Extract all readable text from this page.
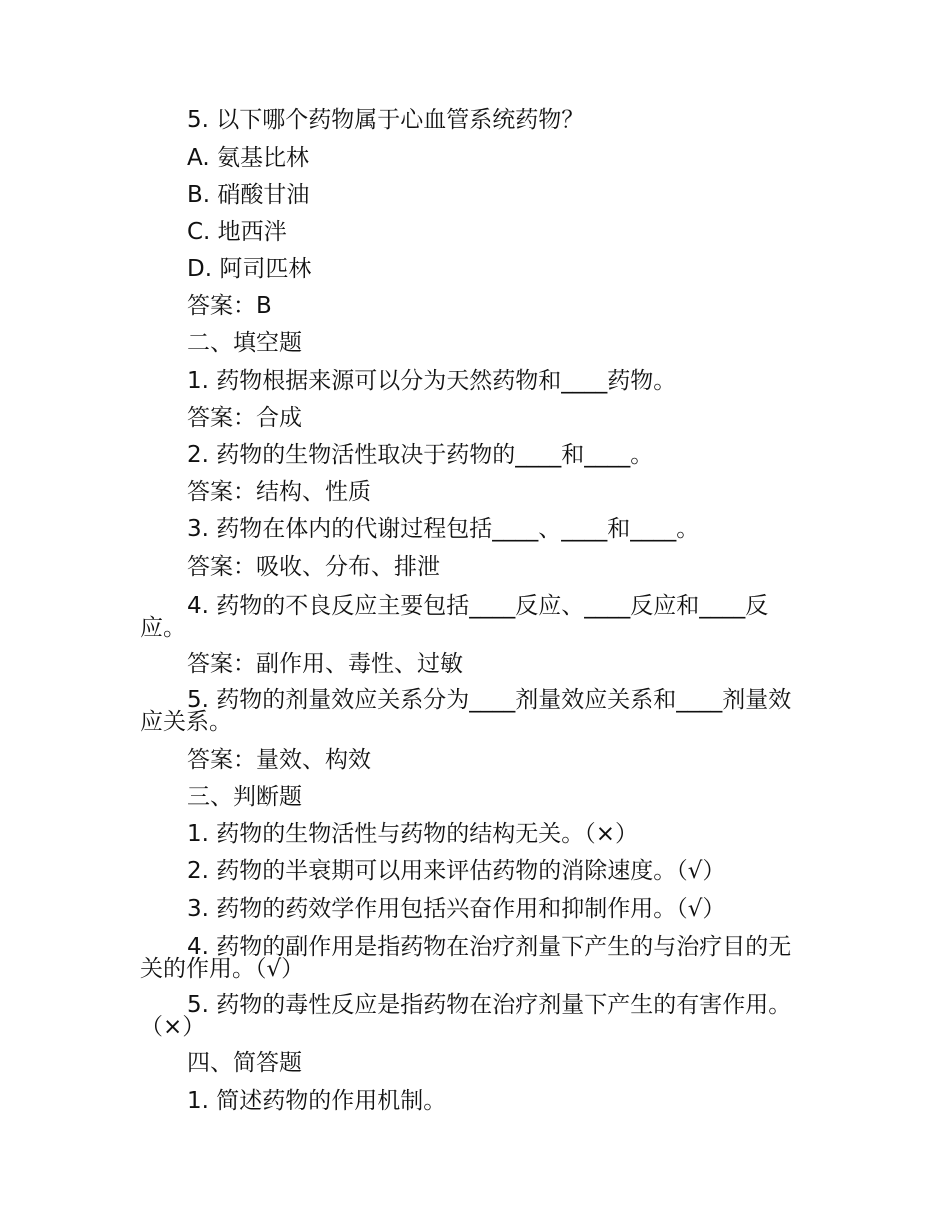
5. 以下哪个药物属于心血管系统药物？
A. 氨基比林
B. 硝酸甘油
C. 地西泮
D. 阿司匹林
答案：B
二、填空题
1. 药物根据来源可以分为天然药物和____药物。
答案：合成
2. 药物的生物活性取决于药物的____和____。
答案：结构、性质
3. 药物在体内的代谢过程包括____、____和____。
答案：吸收、分布、排泄
4. 药物的不良反应主要包括____反应、____反应和____反应。
答案：副作用、毒性、过敏
5. 药物的剂量效应关系分为____剂量效应关系和____剂量效应关系。
答案：量效、构效
三、判断题
1. 药物的生物活性与药物的结构无关。（×）
2. 药物的半衰期可以用来评估药物的消除速度。（√）
3. 药物的药效学作用包括兴奋作用和抑制作用。（√）
4. 药物的副作用是指药物在治疗剂量下产生的与治疗目的无关的作用。（√）
5. 药物的毒性反应是指药物在治疗剂量下产生的有害作用。（×）
四、简答题
1. 简述药物的作用机制。
